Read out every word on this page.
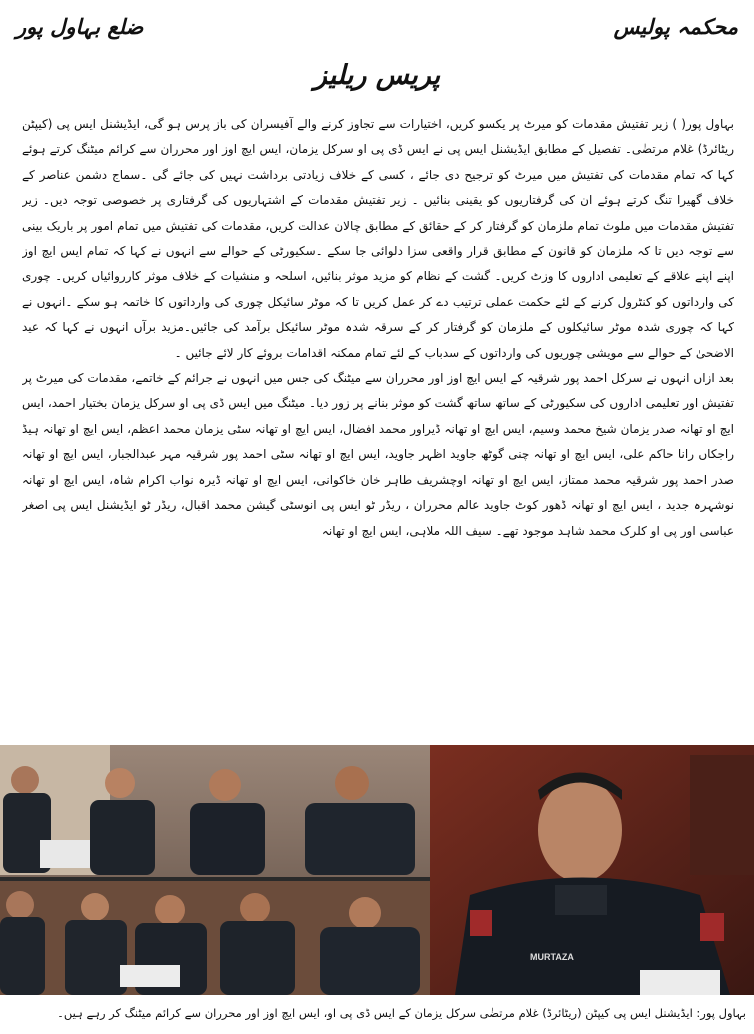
محکمہ پولیس
ضلع بہاول پور
پریس ریلیز

بہاول پور( ) زیر تفتیش مقدمات کو میرٹ پر یکسو کریں، اختیارات سے تجاوز کرنے والے آفیسران کی باز پرس ہو گی، ایڈیشنل ایس پی (کیپٹن ریٹائرڈ) غلام مرتضٰی۔ تفصیل کے مطابق ایڈیشنل ایس پی نے ایس ڈی پی او سرکل یزمان، ایس ایچ اوز اور محرران سے کرائم میٹنگ کرتے ہوئے کہا کہ تمام مقدمات کی تفتیش میں میرٹ کو ترجیح دی جائے ، کسی کے خلاف زیادتی برداشت نہیں کی جائے گی ۔سماج دشمن عناصر کے خلاف گھیرا تنگ کرتے ہوئے ان کی گرفتاریوں کو یقینی بنائیں ۔ زیر تفتیش مقدمات کے اشتہاریوں کی گرفتاری پر خصوصی توجہ دیں۔ زیر تفتیش مقدمات میں ملوث تمام ملزمان کو گرفتار کر کے حقائق کے مطابق چالان عدالت کریں، مقدمات کی تفتیش میں تمام امور پر باریک بینی سے توجہ دیں تا کہ ملزمان کو قانون کے مطابق قرار واقعی سزا دلوائی جا سکے ۔سکیورٹی کے حوالے سے انہوں نے کہا کہ تمام ایس ایچ اوز اپنے اپنے علاقے کے تعلیمی اداروں کا وزٹ کریں۔ گشت کے نظام کو مزید موثر بنائیں، اسلحہ و منشیات کے خلاف موثر کارروائیاں کریں۔ چوری کی وارداتوں کو کنٹرول کرنے کے لئے حکمت عملی ترتیب دے کر عمل کریں تا کہ موٹر سائیکل چوری کی وارداتوں کا خاتمہ ہو سکے ۔انہوں نے کہا کہ چوری شدہ موٹر سائیکلوں کے ملزمان کو گرفتار کر کے سرقہ شدہ موٹر سائیکل برآمد کی جائیں۔مزید برآں انہوں نے کہا کہ عید الاضحیٰ کے حوالے سے مویشی چوریوں کی وارداتوں کے سدباب کے لئے تمام ممکنہ اقدامات بروئے کار لائے جائیں ۔

بعد ازاں انہوں نے سرکل احمد پور شرقیہ کے ایس ایچ اوز اور محرران سے میٹنگ کی جس میں انہوں نے جرائم کے خاتمے، مقدمات کی میرٹ پر تفتیش اور تعلیمی اداروں کی سکیورٹی کے ساتھ ساتھ گشت کو موثر بنانے پر زور دیا۔ میٹنگ میں ایس ڈی پی او سرکل یزمان بختیار احمد، ایس ایچ او تھانہ صدر یزمان شیخ محمد وسیم، ایس ایچ او تھانہ ڈیراور محمد افضال، ایس ایچ او تھانہ سٹی یزمان محمد اعظم، ایس ایچ او تھانہ ہیڈ راجکاں رانا حاکم علی، ایس ایچ او تھانہ چنی گوٹھ جاوید اظہر جاوید، ایس ایچ او تھانہ سٹی احمد پور شرقیہ مہر عبدالجبار، ایس ایچ او تھانہ صدر احمد پور شرقیہ محمد ممتاز، ایس ایچ او تھانہ اوچشریف طاہر خان خاکوانی، ایس ایچ او تھانہ ڈیرہ نواب اکرام شاہ، ایس ایچ او تھانہ نوشہرہ جدید ، ایس ایچ او تھانہ ڈھور کوٹ جاوید عالم محرران ، ریڈر ٹو ایس پی انوسٹی گیشن محمد اقبال، ریڈر ٹو ایڈیشنل ایس پی اصغر عباسی اور پی او کلرک محمد شاہد موجود تھے۔ سیف اللہ ملاہی، ایس ایچ او تھانہ

MURTAZA
بہاول پور: ایڈیشنل ایس پی کیپٹن (ریٹائرڈ) غلام مرتضٰی سرکل یزمان کے ایس ڈی پی او، ایس ایچ اوز اور محرران سے کرائم میٹنگ کر رہے ہیں۔
